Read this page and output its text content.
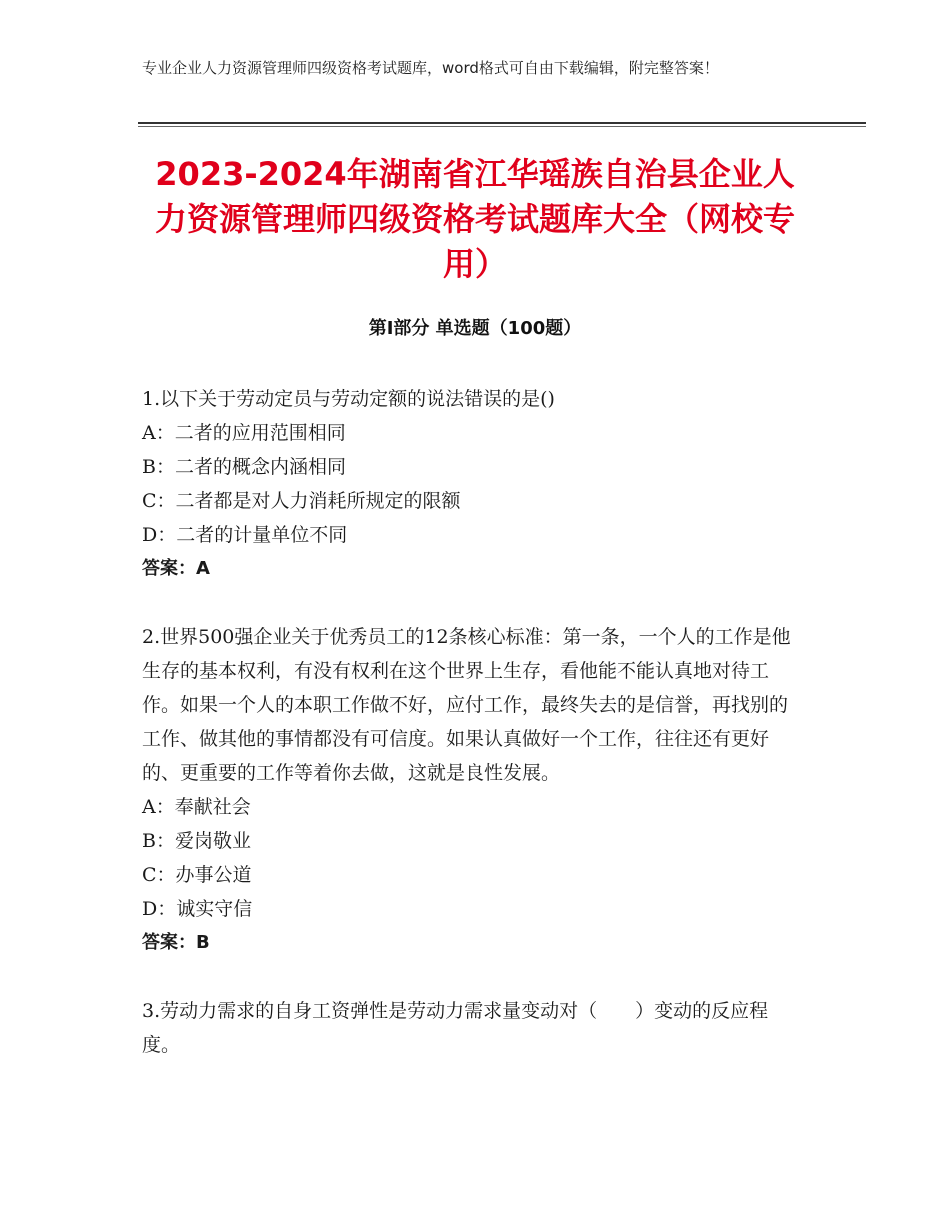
专业企业人力资源管理师四级资格考试题库，word格式可自由下载编辑，附完整答案！
2023-2024年湖南省江华瑶族自治县企业人力资源管理师四级资格考试题库大全（网校专用）
第Ⅰ部分 单选题（100题）

1.以下关于劳动定员与劳动定额的说法错误的是()

A：二者的应用范围相同

B：二者的概念内涵相同

C：二者都是对人力消耗所规定的限额

D：二者的计量单位不同

答案：A

2.世界500强企业关于优秀员工的12条核心标准：第一条，一个人的工作是他生存的基本权利，有没有权利在这个世界上生存，看他能不能认真地对待工作。如果一个人的本职工作做不好，应付工作，最终失去的是信誉，再找别的工作、做其他的事情都没有可信度。如果认真做好一个工作，往往还有更好的、更重要的工作等着你去做，这就是良性发展。

A：奉献社会

B：爱岗敬业

C：办事公道

D：诚实守信

答案：B

3.劳动力需求的自身工资弹性是劳动力需求量变动对（　　）变动的反应程度。
